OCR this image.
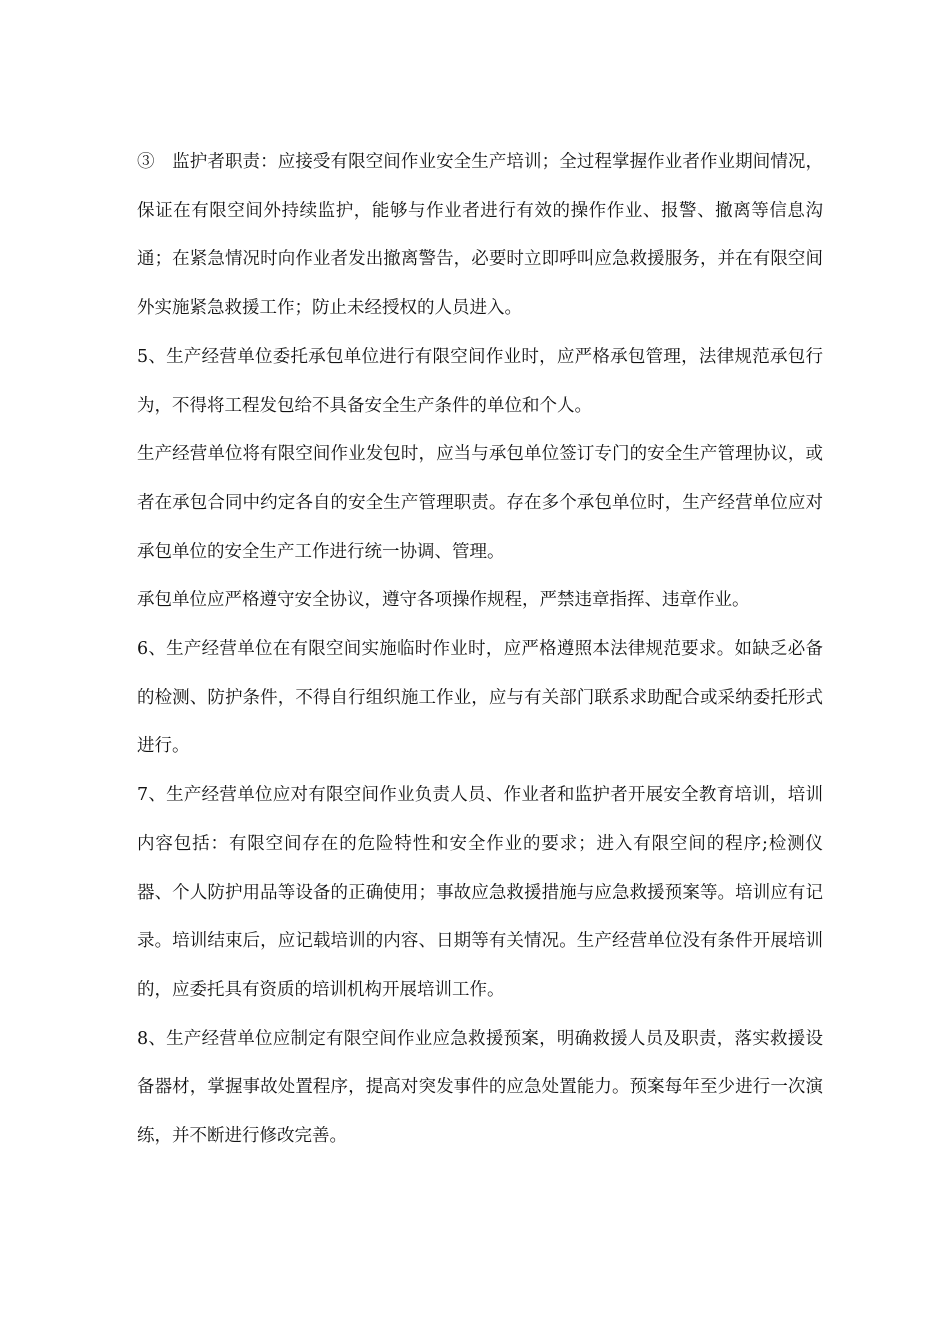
③　监护者职责：应接受有限空间作业安全生产培训；全过程掌握作业者作业期间情况，保证在有限空间外持续监护，能够与作业者进行有效的操作作业、报警、撤离等信息沟通；在紧急情况时向作业者发出撤离警告，必要时立即呼叫应急救援服务，并在有限空间外实施紧急救援工作；防止未经授权的人员进入。

5、生产经营单位委托承包单位进行有限空间作业时，应严格承包管理，法律规范承包行为，不得将工程发包给不具备安全生产条件的单位和个人。

生产经营单位将有限空间作业发包时，应当与承包单位签订专门的安全生产管理协议，或者在承包合同中约定各自的安全生产管理职责。存在多个承包单位时，生产经营单位应对承包单位的安全生产工作进行统一协调、管理。

承包单位应严格遵守安全协议，遵守各项操作规程，严禁违章指挥、违章作业。

6、生产经营单位在有限空间实施临时作业时，应严格遵照本法律规范要求。如缺乏必备的检测、防护条件，不得自行组织施工作业，应与有关部门联系求助配合或采纳委托形式进行。

7、生产经营单位应对有限空间作业负责人员、作业者和监护者开展安全教育培训，培训内容包括：有限空间存在的危险特性和安全作业的要求；进入有限空间的程序;检测仪器、个人防护用品等设备的正确使用；事故应急救援措施与应急救援预案等。培训应有记录。培训结束后，应记载培训的内容、日期等有关情况。生产经营单位没有条件开展培训的，应委托具有资质的培训机构开展培训工作。

8、生产经营单位应制定有限空间作业应急救援预案，明确救援人员及职责，落实救援设备器材，掌握事故处置程序，提高对突发事件的应急处置能力。预案每年至少进行一次演练，并不断进行修改完善。
